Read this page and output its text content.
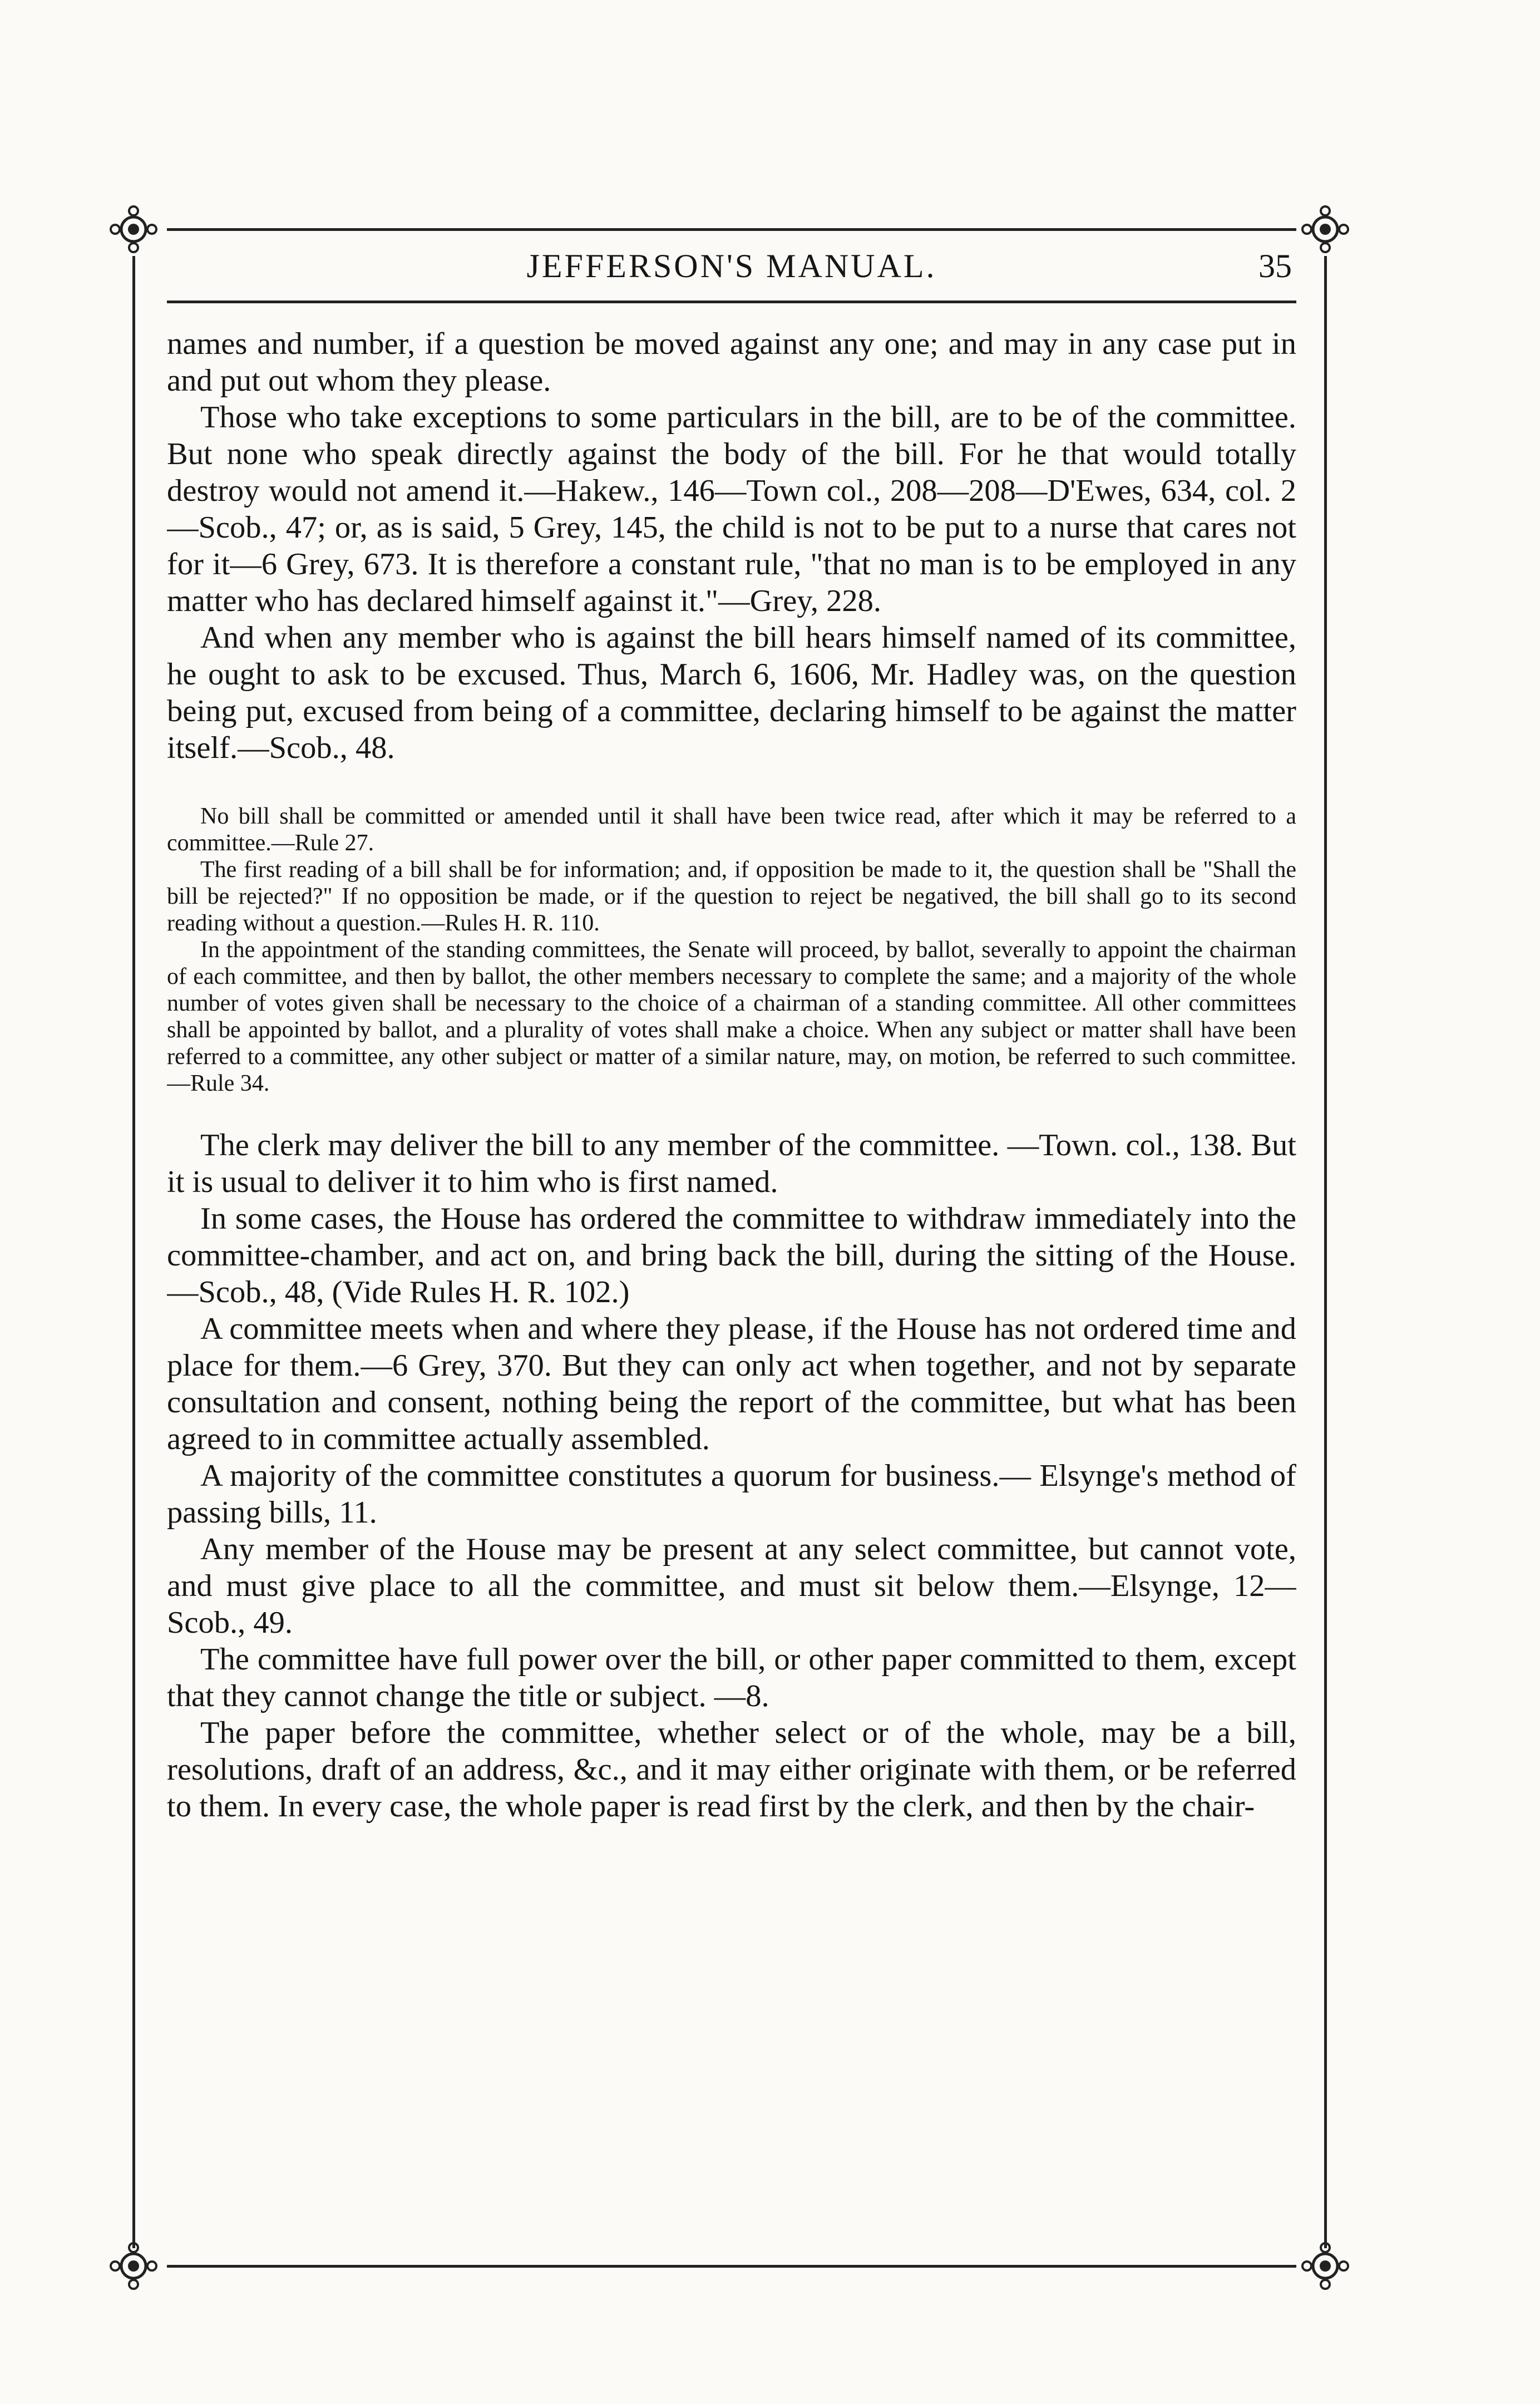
JEFFERSON'S MANUAL.	35

names and number, if a question be moved against any one; and may in any case put in and put out whom they please.

Those who take exceptions to some particulars in the bill, are to be of the committee. But none who speak directly against the body of the bill. For he that would totally destroy would not amend it.—Hakew., 146—Town col., 208—208—D'Ewes, 634, col. 2 —Scob., 47; or, as is said, 5 Grey, 145, the child is not to be put to a nurse that cares not for it—6 Grey, 673. It is therefore a constant rule, "that no man is to be employed in any matter who has declared himself against it."—Grey, 228.

And when any member who is against the bill hears himself named of its committee, he ought to ask to be excused. Thus, March 6, 1606, Mr. Hadley was, on the question being put, excused from being of a committee, declaring himself to be against the matter itself.—Scob., 48.

No bill shall be committed or amended until it shall have been twice read, after which it may be referred to a committee.—Rule 27.

The first reading of a bill shall be for information; and, if opposition be made to it, the question shall be "Shall the bill be rejected?" If no opposition be made, or if the question to reject be negatived, the bill shall go to its second reading without a question.—Rules H. R. 110.

In the appointment of the standing committees, the Senate will proceed, by ballot, severally to appoint the chairman of each committee, and then by ballot, the other members necessary to complete the same; and a majority of the whole number of votes given shall be necessary to the choice of a chairman of a standing committee. All other committees shall be appointed by ballot, and a plurality of votes shall make a choice. When any subject or matter shall have been referred to a committee, any other subject or matter of a similar nature, may, on motion, be referred to such committee.—Rule 34.

The clerk may deliver the bill to any member of the committee. —Town. col., 138. But it is usual to deliver it to him who is first named.

In some cases, the House has ordered the committee to withdraw immediately into the committee-chamber, and act on, and bring back the bill, during the sitting of the House.—Scob., 48, (Vide Rules H. R. 102.)

A committee meets when and where they please, if the House has not ordered time and place for them.—6 Grey, 370. But they can only act when together, and not by separate consultation and consent, nothing being the report of the committee, but what has been agreed to in committee actually assembled.

A majority of the committee constitutes a quorum for business.— Elsynge's method of passing bills, 11.

Any member of the House may be present at any select committee, but cannot vote, and must give place to all the committee, and must sit below them.—Elsynge, 12—Scob., 49.

The committee have full power over the bill, or other paper committed to them, except that they cannot change the title or subject. —8.

The paper before the committee, whether select or of the whole, may be a bill, resolutions, draft of an address, &c., and it may either originate with them, or be referred to them. In every case, the whole paper is read first by the clerk, and then by the chair-
